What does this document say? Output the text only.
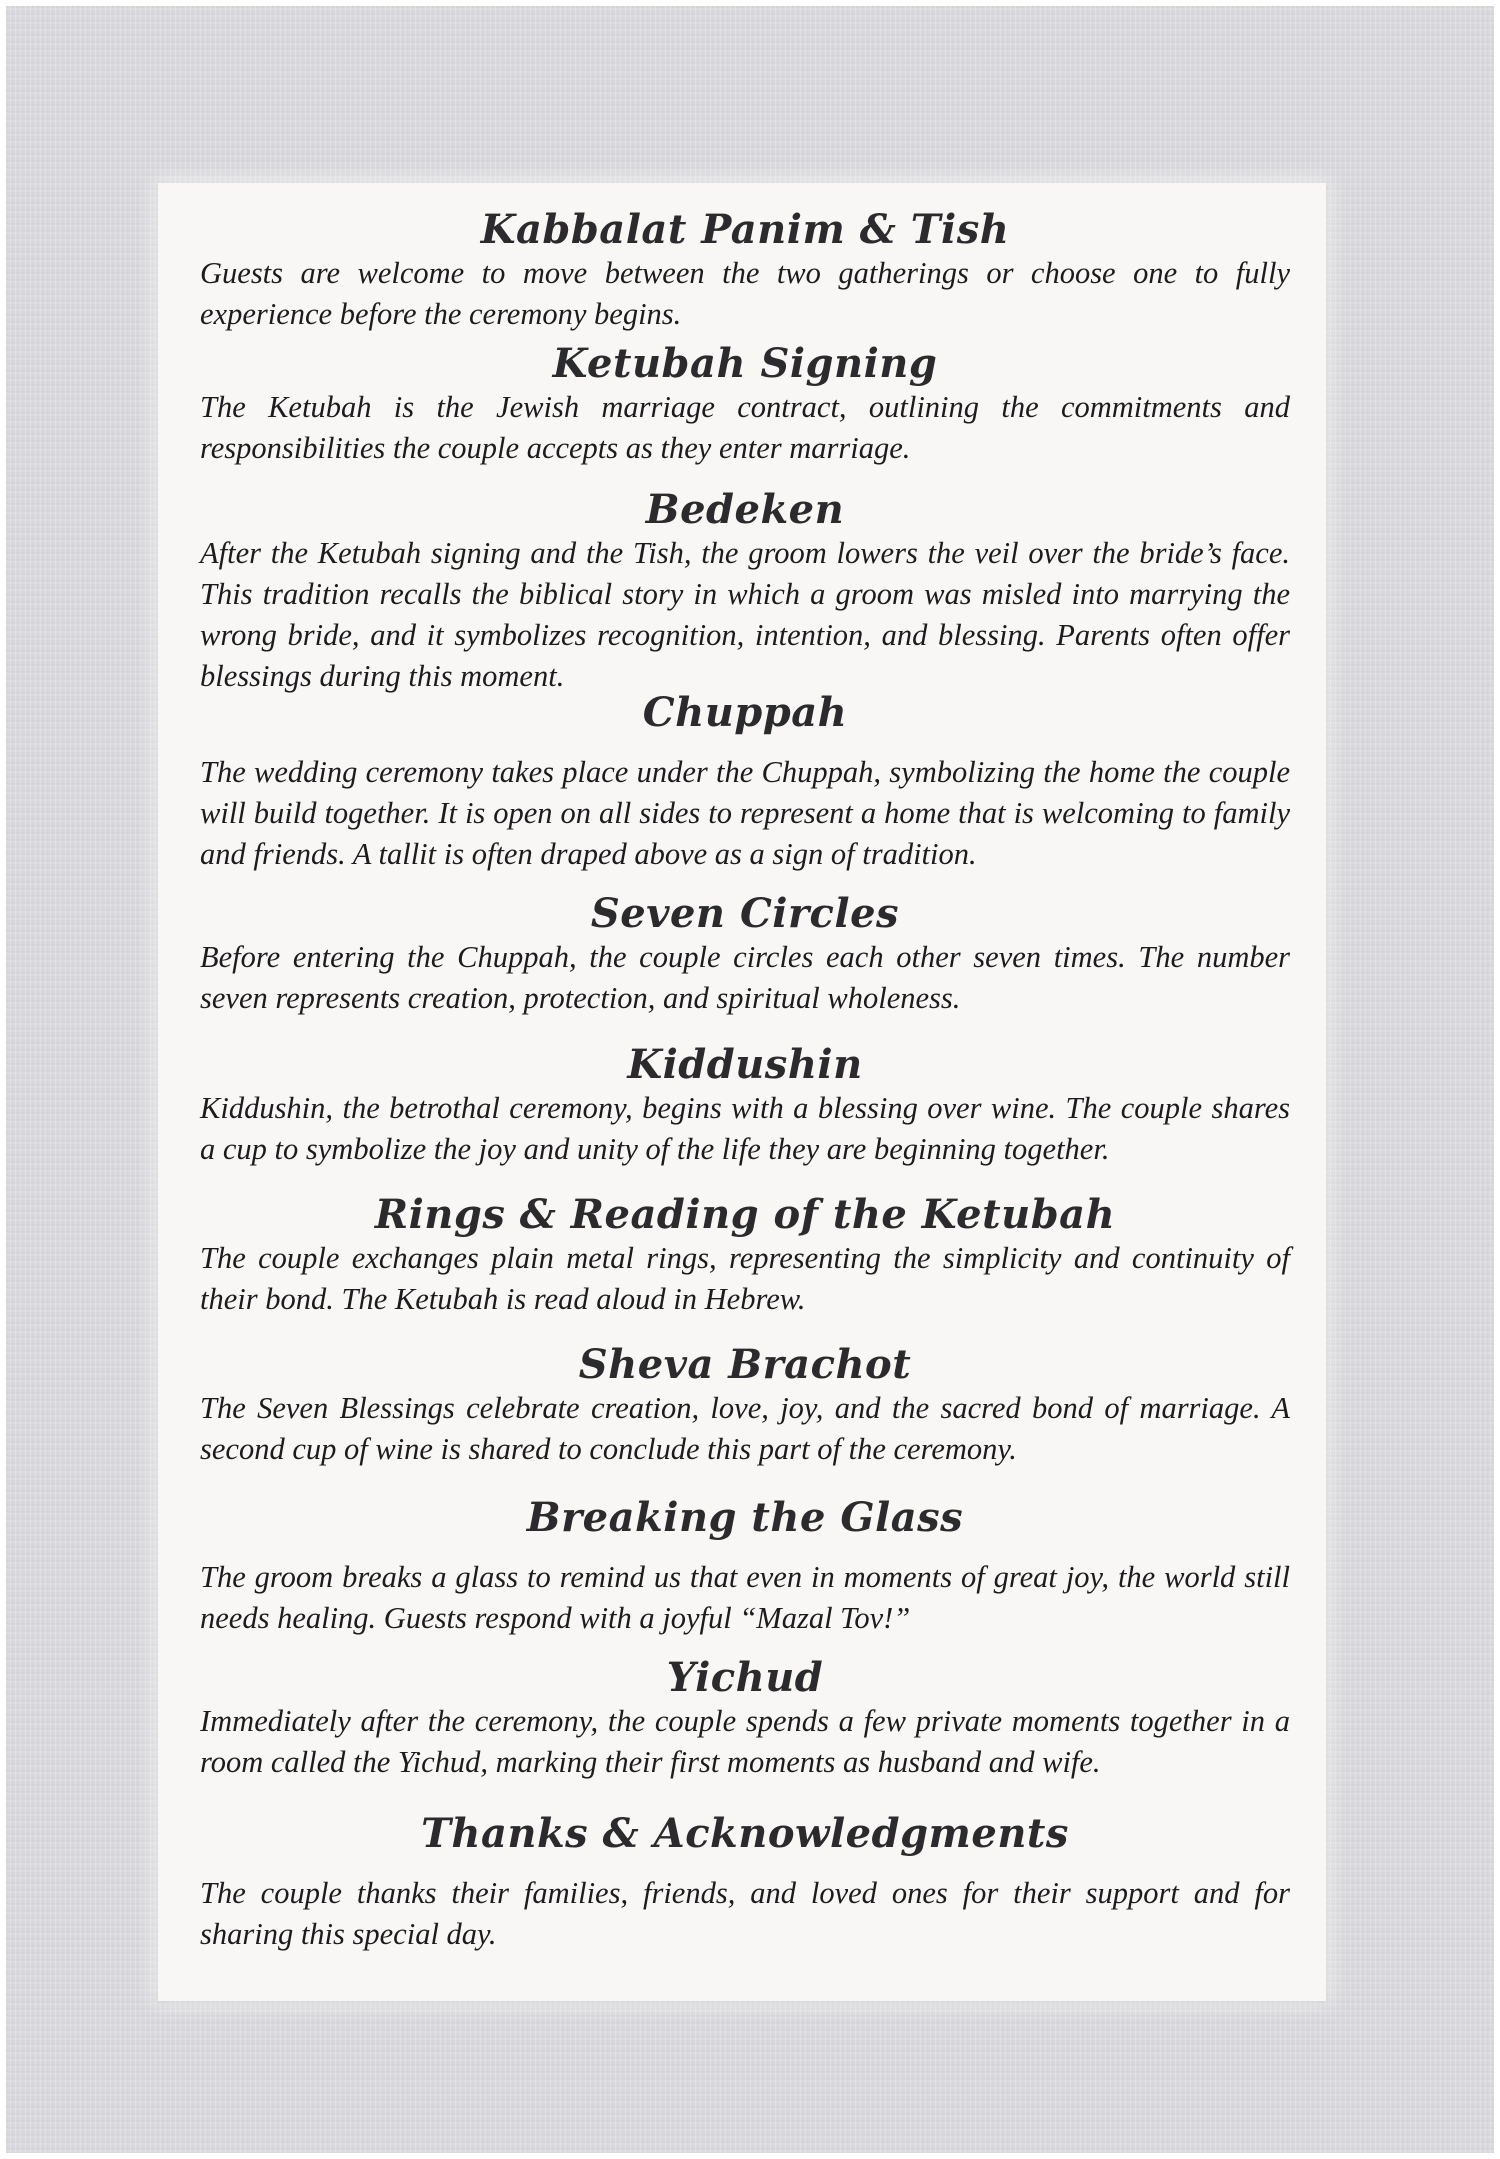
Kabbalat Panim & Tish

Guests are welcome to move between the two gatherings or choose one to fully experience before the ceremony begins.

Ketubah Signing

The Ketubah is the Jewish marriage contract, outlining the commitments and responsibilities the couple accepts as they enter marriage.

Bedeken

After the Ketubah signing and the Tish, the groom lowers the veil over the bride’s face. This tradition recalls the biblical story in which a groom was misled into marrying the wrong bride, and it symbolizes recognition, intention, and blessing. Parents often offer blessings during this moment.

Chuppah

The wedding ceremony takes place under the Chuppah, symbolizing the home the couple will build together. It is open on all sides to represent a home that is welcoming to family and friends. A tallit is often draped above as a sign of tradition.

Seven Circles

Before entering the Chuppah, the couple circles each other seven times. The number seven represents creation, protection, and spiritual wholeness.

Kiddushin

Kiddushin, the betrothal ceremony, begins with a blessing over wine. The couple shares a cup to symbolize the joy and unity of the life they are beginning together.

Rings & Reading of the Ketubah

The couple exchanges plain metal rings, representing the simplicity and continuity of their bond. The Ketubah is read aloud in Hebrew.

Sheva Brachot

The Seven Blessings celebrate creation, love, joy, and the sacred bond of marriage. A second cup of wine is shared to conclude this part of the ceremony.

Breaking the Glass

The groom breaks a glass to remind us that even in moments of great joy, the world still needs healing. Guests respond with a joyful “Mazal Tov!”

Yichud

Immediately after the ceremony, the couple spends a few private moments together in a room called the Yichud, marking their first moments as husband and wife.

Thanks & Acknowledgments

The couple thanks their families, friends, and loved ones for their support and for sharing this special day.
